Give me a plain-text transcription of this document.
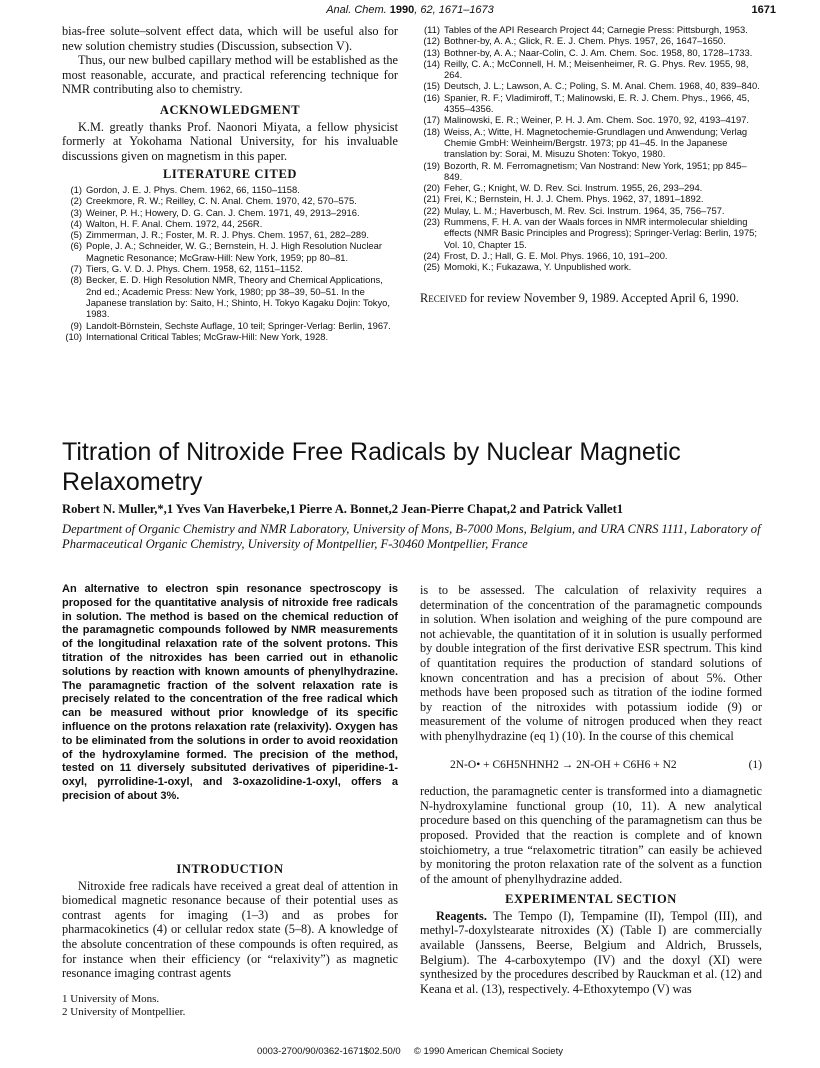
Anal. Chem. 1990, 62, 1671–1673	1671

bias-free solute–solvent effect data, which will be useful also for new solution chemistry studies (Discussion, subsection V).

Thus, our new bulbed capillary method will be established as the most reasonable, accurate, and practical referencing technique for NMR contributing also to chemistry.

ACKNOWLEDGMENT

K.M. greatly thanks Prof. Naonori Miyata, a fellow physicist formerly at Yokohama National University, for his invaluable discussions given on magnetism in this paper.

LITERATURE CITED
(1) Gordon, J. E. J. Phys. Chem. 1962, 66, 1150–1158.
(2) Creekmore, R. W.; Reilley, C. N. Anal. Chem. 1970, 42, 570–575.
(3) Weiner, P. H.; Howery, D. G. Can. J. Chem. 1971, 49, 2913–2916.
(4) Walton, H. F. Anal. Chem. 1972, 44, 256R.
(5) Zimmerman, J. R.; Foster, M. R. J. Phys. Chem. 1957, 61, 282–289.
(6) Pople, J. A.; Schneider, W. G.; Bernstein, H. J. High Resolution Nuclear Magnetic Resonance; McGraw-Hill: New York, 1959; pp 80–81.
(7) Tiers, G. V. D. J. Phys. Chem. 1958, 62, 1151–1152.
(8) Becker, E. D. High Resolution NMR, Theory and Chemical Applications, 2nd ed.; Academic Press: New York, 1980; pp 38–39, 50–51. In the Japanese translation by: Saito, H.; Shinto, H. Tokyo Kagaku Dojin: Tokyo, 1983.
(9) Landolt-Börnstein, Sechste Auflage, 10 teil; Springer-Verlag: Berlin, 1967.
(10) International Critical Tables; McGraw-Hill: New York, 1928.
(11) Tables of the API Research Project 44; Carnegie Press: Pittsburgh, 1953.
(12) Bothner-by, A. A.; Glick, R. E. J. Chem. Phys. 1957, 26, 1647–1650.
(13) Bothner-by, A. A.; Naar-Colin, C. J. Am. Chem. Soc. 1958, 80, 1728–1733.
(14) Reilly, C. A.; McConnell, H. M.; Meisenheimer, R. G. Phys. Rev. 1955, 98, 264.
(15) Deutsch, J. L.; Lawson, A. C.; Poling, S. M. Anal. Chem. 1968, 40, 839–840.
(16) Spanier, R. F.; Vladimiroff, T.; Malinowski, E. R. J. Chem. Phys., 1966, 45, 4355–4356.
(17) Malinowski, E. R.; Weiner, P. H. J. Am. Chem. Soc. 1970, 92, 4193–4197.
(18) Weiss, A.; Witte, H. Magnetochemie-Grundlagen und Anwendung; Verlag Chemie GmbH: Weinheim/Bergstr. 1973; pp 41–45. In the Japanese translation by: Sorai, M. Misuzu Shoten: Tokyo, 1980.
(19) Bozorth, R. M. Ferromagnetism; Van Nostrand: New York, 1951; pp 845–849.
(20) Feher, G.; Knight, W. D. Rev. Sci. Instrum. 1955, 26, 293–294.
(21) Frei, K.; Bernstein, H. J. J. Chem. Phys. 1962, 37, 1891–1892.
(22) Mulay, L. M.; Haverbusch, M. Rev. Sci. Instrum. 1964, 35, 756–757.
(23) Rummens, F. H. A. van der Waals forces in NMR intermolecular shielding effects (NMR Basic Principles and Progress); Springer-Verlag: Berlin, 1975; Vol. 10, Chapter 15.
(24) Frost, D. J.; Hall, G. E. Mol. Phys. 1966, 10, 191–200.
(25) Momoki, K.; Fukazawa, Y. Unpublished work.

Received for review November 9, 1989. Accepted April 6, 1990.

Titration of Nitroxide Free Radicals by Nuclear Magnetic Relaxometry
Robert N. Muller,*,1 Yves Van Haverbeke,1 Pierre A. Bonnet,2 Jean-Pierre Chapat,2 and Patrick Vallet1
Department of Organic Chemistry and NMR Laboratory, University of Mons, B-7000 Mons, Belgium, and URA CNRS 1111, Laboratory of Pharmaceutical Organic Chemistry, University of Montpellier, F-30460 Montpellier, France
An alternative to electron spin resonance spectroscopy is proposed for the quantitative analysis of nitroxide free radicals in solution. The method is based on the chemical reduction of the paramagnetic compounds followed by NMR measurements of the longitudinal relaxation rate of the solvent protons. This titration of the nitroxides has been carried out in ethanolic solutions by reaction with known amounts of phenylhydrazine. The paramagnetic fraction of the solvent relaxation rate is precisely related to the concentration of the free radical which can be measured without prior knowledge of its specific influence on the protons relaxation rate (relaxivity). Oxygen has to be eliminated from the solutions in order to avoid reoxidation of the hydroxylamine formed. The precision of the method, tested on 11 diversely subsituted derivatives of piperidine-1-oxyl, pyrrolidine-1-oxyl, and 3-oxazolidine-1-oxyl, offers a precision of about 3%.
INTRODUCTION

Nitroxide free radicals have received a great deal of attention in biomedical magnetic resonance because of their potential uses as contrast agents for imaging (1–3) and as probes for pharmacokinetics (4) or cellular redox state (5–8). A knowledge of the absolute concentration of these compounds is often required, as for instance when their efficiency (or “relaxivity”) as magnetic resonance imaging contrast agents

1 University of Mons.
2 University of Montpellier.

is to be assessed. The calculation of relaxivity requires a determination of the concentration of the paramagnetic compounds in solution. When isolation and weighing of the pure compound are not achievable, the quantitation of it in solution is usually performed by double integration of the first derivative ESR spectrum. This kind of quantitation requires the production of standard solutions of known concentration and has a precision of about 5%. Other methods have been proposed such as titration of the iodine formed by reaction of the nitroxides with potassium iodide (9) or measurement of the volume of nitrogen produced when they react with phenylhydrazine (eq 1) (10). In the course of this chemical

2N-O• + C6H5NHNH2 → 2N-OH + C6H6 + N2	(1)

reduction, the paramagnetic center is transformed into a diamagnetic N-hydroxylamine functional group (10, 11). A new analytical procedure based on this quenching of the paramagnetism can thus be proposed. Provided that the reaction is complete and of known stoichiometry, a true “relaxometric titration” can easily be achieved by monitoring the proton relaxation rate of the solvent as a function of the amount of phenylhydrazine added.

EXPERIMENTAL SECTION

Reagents. The Tempo (I), Tempamine (II), Tempol (III), and methyl-7-doxylstearate nitroxides (X) (Table I) are commercially available (Janssens, Beerse, Belgium and Aldrich, Brussels, Belgium). The 4-carboxytempo (IV) and the doxyl (XI) were synthesized by the procedures described by Rauckman et al. (12) and Keana et al. (13), respectively. 4-Ethoxytempo (V) was

0003-2700/90/0362-1671$02.50/0 © 1990 American Chemical Society
